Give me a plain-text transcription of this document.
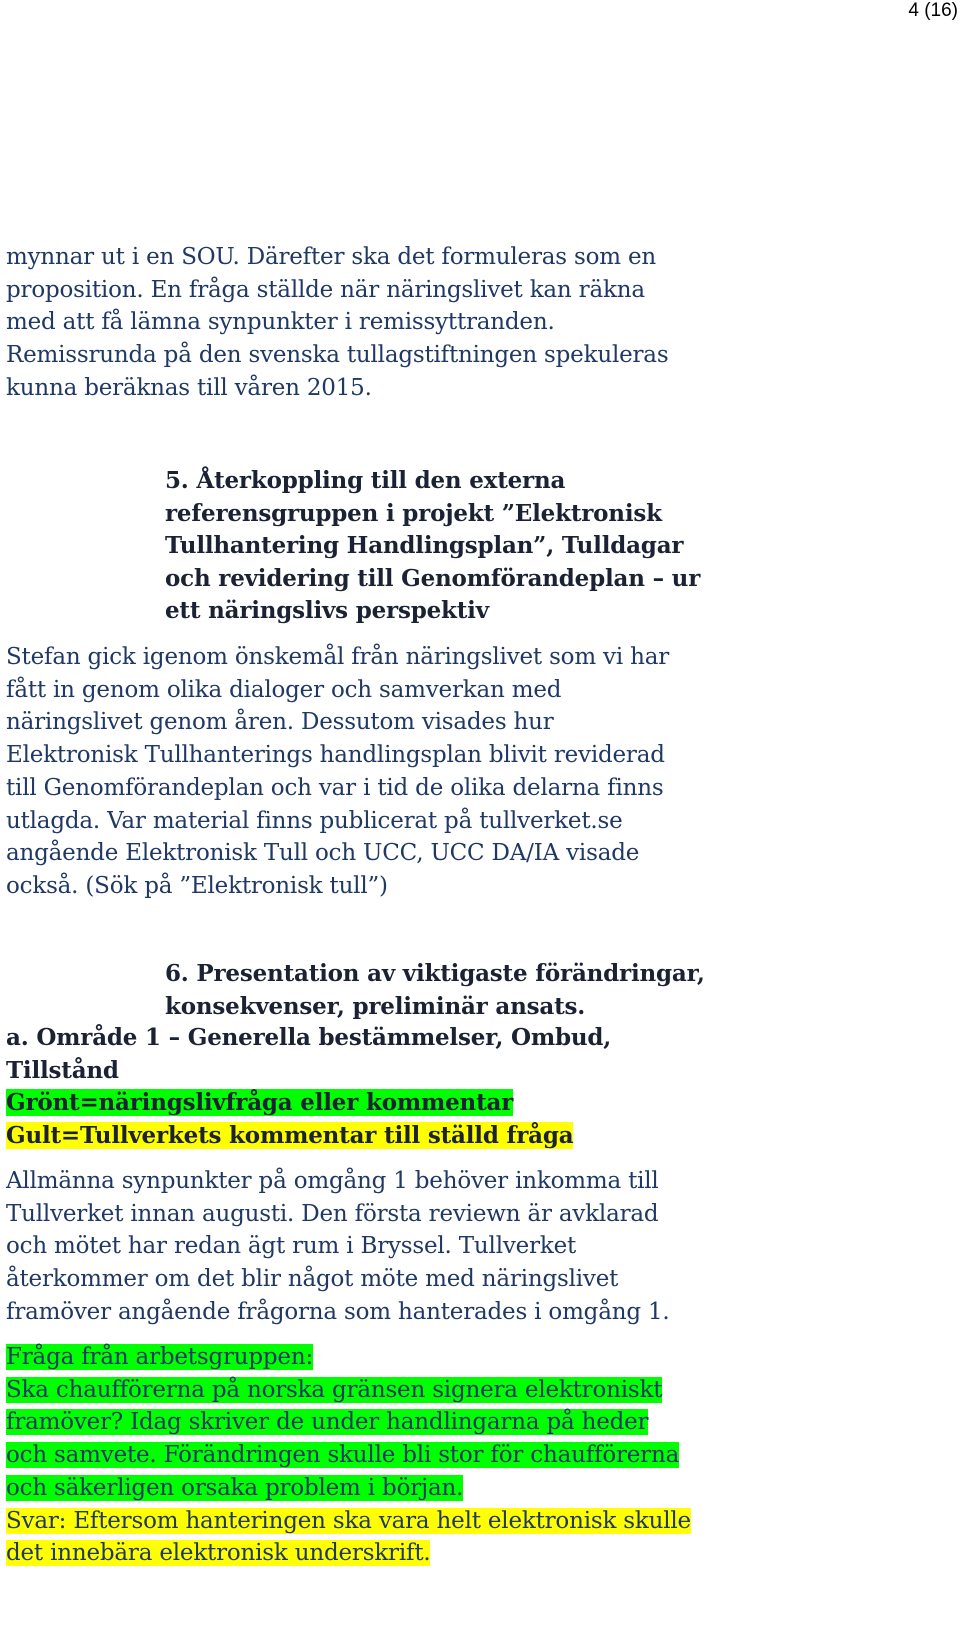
4 (16)
mynnar ut i en SOU. Därefter ska det formuleras som en
proposition. En fråga ställde när näringslivet kan räkna
med att få lämna synpunkter i remissyttranden.
Remissrunda på den svenska tullagstiftningen spekuleras
kunna beräknas till våren 2015.
5. Återkoppling till den externa
referensgruppen i projekt ”Elektronisk
Tullhantering Handlingsplan”, Tulldagar
och revidering till Genomförandeplan – ur
ett näringslivs perspektiv
Stefan gick igenom önskemål från näringslivet som vi har
fått in genom olika dialoger och samverkan med
näringslivet genom åren. Dessutom visades hur
Elektronisk Tullhanterings handlingsplan blivit reviderad
till Genomförandeplan och var i tid de olika delarna finns
utlagda. Var material finns publicerat på tullverket.se
angående Elektronisk Tull och UCC, UCC DA/IA visade
också. (Sök på ”Elektronisk tull”)
6. Presentation av viktigaste förändringar,
konsekvenser, preliminär ansats.
a. Område 1 – Generella bestämmelser, Ombud,
Tillstånd
Grönt=näringslivfråga eller kommentar
Gult=Tullverkets kommentar till ställd fråga
Allmänna synpunkter på omgång 1 behöver inkomma till
Tullverket innan augusti. Den första reviewn är avklarad
och mötet har redan ägt rum i Bryssel. Tullverket
återkommer om det blir något möte med näringslivet
framöver angående frågorna som hanterades i omgång 1.
Fråga från arbetsgruppen:
Ska chaufförerna på norska gränsen signera elektroniskt
framöver? Idag skriver de under handlingarna på heder
och samvete. Förändringen skulle bli stor för chaufförerna
och säkerligen orsaka problem i början.
Svar: Eftersom hanteringen ska vara helt elektronisk skulle
det innebära elektronisk underskrift.
